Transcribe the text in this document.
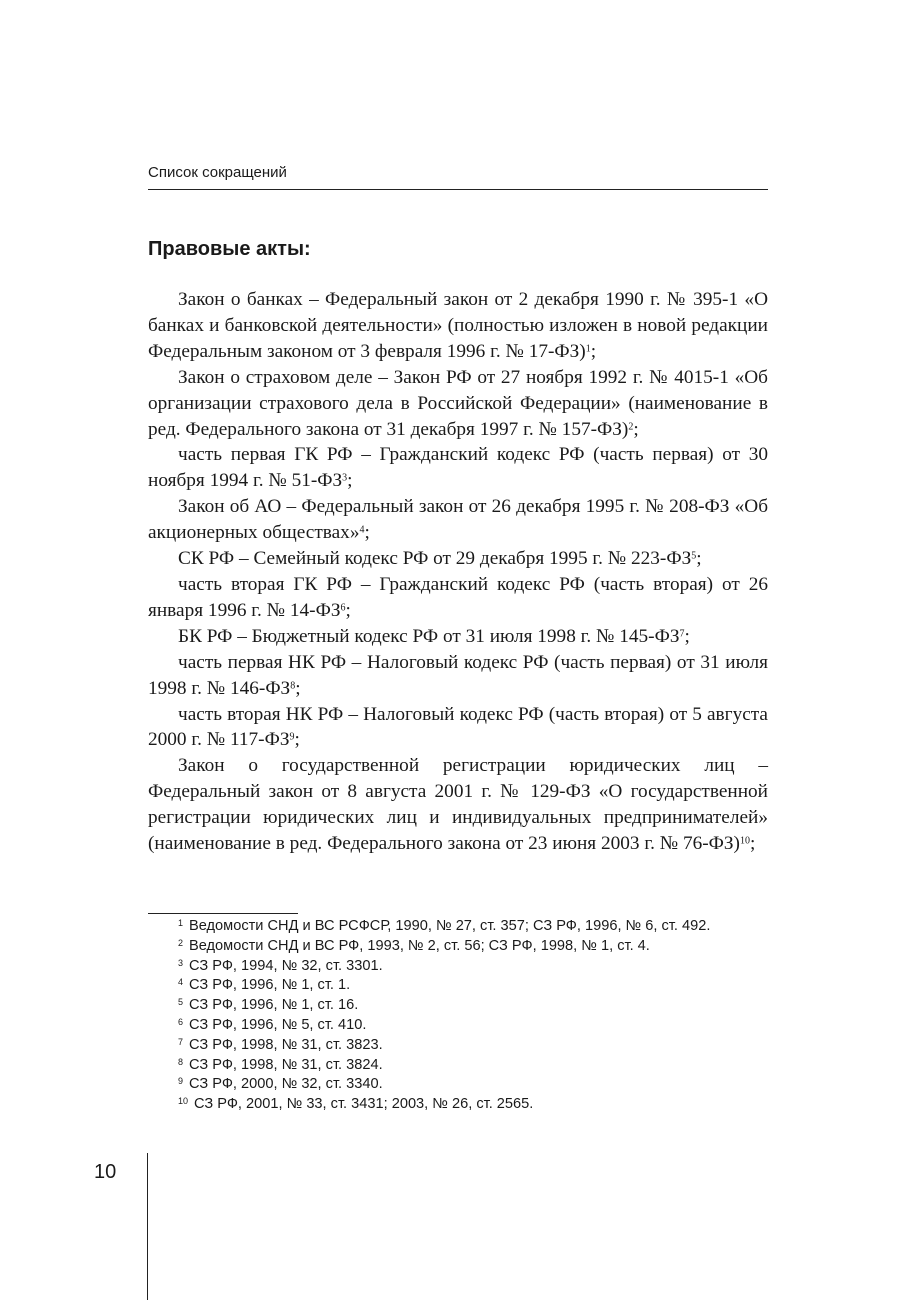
Список сокращений
Правовые акты:

Закон о банках – Федеральный закон от 2 декабря 1990 г. № 395-1 «О банках и банковской деятельности» (полностью изложен в новой редакции Федеральным законом от 3 февраля 1996 г. № 17-ФЗ)$^1$;

Закон о страховом деле – Закон РФ от 27 ноября 1992 г. № 4015-1 «Об организации страхового дела в Российской Федерации» (наименование в ред. Федерального закона от 31 декабря 1997 г. № 157-ФЗ)$^2$;

часть первая ГК РФ – Гражданский кодекс РФ (часть первая) от 30 ноября 1994 г. № $51-ФЗ^3$;

Закон об АО – Федеральный закон от 26 декабря 1995 г. № 208-ФЗ «Об акционерных обществах»$^4$;

СК РФ – Семейный кодекс РФ от 29 декабря 1995 г. № $223-ФЗ^5$;

часть вторая ГК РФ – Гражданский кодекс РФ (часть вторая) от 26 января 1996 г. № $14-ФЗ^6$;

БК РФ – Бюджетный кодекс РФ от 31 июля 1998 г. № $145-ФЗ^7$;

часть первая НК РФ – Налоговый кодекс РФ (часть первая) от 31 июля 1998 г. № $146-ФЗ^8$;

часть вторая НК РФ – Налоговый кодекс РФ (часть вторая) от 5 августа 2000 г. № $117-ФЗ^9$;

Закон о государственной регистрации юридических лиц – Федеральный закон от 8 августа 2001 г. № 129-ФЗ «О государственной регистрации юридических лиц и индивидуальных предпринимателей» (наименование в ред. Федерального закона от 23 июня 2003 г. № 76-ФЗ)$^{10}$;

$^1$ Ведомости СНД и ВС РСФСР, 1990, № 27, ст. 357; СЗ РФ, 1996, № 6, ст. 492.

$^2$ Ведомости СНД и ВС РФ, 1993, № 2, ст. 56; СЗ РФ, 1998, № 1, ст. 4.

$^3$ СЗ РФ, 1994, № 32, ст. 3301.

$^4$ СЗ РФ, 1996, № 1, ст. 1.

$^5$ СЗ РФ, 1996, № 1, ст. 16.

$^6$ СЗ РФ, 1996, № 5, ст. 410.

$^7$ СЗ РФ, 1998, № 31, ст. 3823.

$^8$ СЗ РФ, 1998, № 31, ст. 3824.

$^9$ СЗ РФ, 2000, № 32, ст. 3340.

$^{10}$ СЗ РФ, 2001, № 33, ст. 3431; 2003, № 26, ст. 2565.

10
